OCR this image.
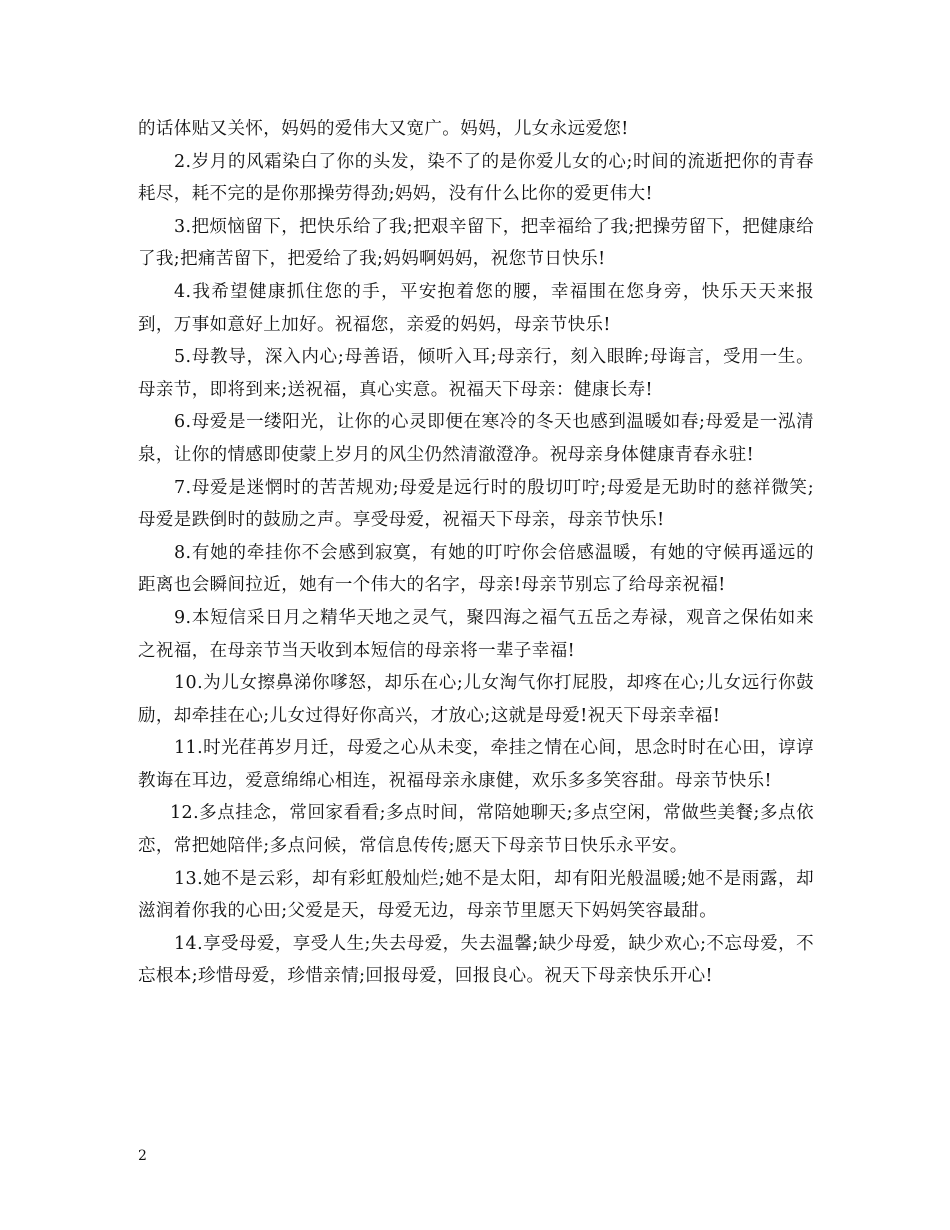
的话体贴又关怀，妈妈的爱伟大又宽广。妈妈，儿女永远爱您!

2.岁月的风霜染白了你的头发，染不了的是你爱儿女的心;时间的流逝把你的青春耗尽，耗不完的是你那操劳得劲;妈妈，没有什么比你的爱更伟大!

3.把烦恼留下，把快乐给了我;把艰辛留下，把幸福给了我;把操劳留下，把健康给了我;把痛苦留下，把爱给了我;妈妈啊妈妈，祝您节日快乐!

4.我希望健康抓住您的手，平安抱着您的腰，幸福围在您身旁，快乐天天来报到，万事如意好上加好。祝福您，亲爱的妈妈，母亲节快乐!

5.母教导，深入内心;母善语，倾听入耳;母亲行，刻入眼眸;母诲言，受用一生。母亲节，即将到来;送祝福，真心实意。祝福天下母亲：健康长寿!

6.母爱是一缕阳光，让你的心灵即便在寒冷的冬天也感到温暖如春;母爱是一泓清泉，让你的情感即使蒙上岁月的风尘仍然清澈澄净。祝母亲身体健康青春永驻!

7.母爱是迷惘时的苦苦规劝;母爱是远行时的殷切叮咛;母爱是无助时的慈祥微笑;母爱是跌倒时的鼓励之声。享受母爱，祝福天下母亲，母亲节快乐!

8.有她的牵挂你不会感到寂寞，有她的叮咛你会倍感温暖，有她的守候再遥远的距离也会瞬间拉近，她有一个伟大的名字，母亲!母亲节别忘了给母亲祝福!

9.本短信采日月之精华天地之灵气，聚四海之福气五岳之寿禄，观音之保佑如来之祝福，在母亲节当天收到本短信的母亲将一辈子幸福!

10.为儿女擦鼻涕你嗲怒，却乐在心;儿女淘气你打屁股，却疼在心;儿女远行你鼓励，却牵挂在心;儿女过得好你高兴，才放心;这就是母爱!祝天下母亲幸福!

11.时光荏苒岁月迁，母爱之心从未变，牵挂之情在心间，思念时时在心田，谆谆教诲在耳边，爱意绵绵心相连，祝福母亲永康健，欢乐多多笑容甜。母亲节快乐!

12.多点挂念，常回家看看;多点时间，常陪她聊天;多点空闲，常做些美餐;多点依恋，常把她陪伴;多点问候，常信息传传;愿天下母亲节日快乐永平安。

13.她不是云彩，却有彩虹般灿烂;她不是太阳，却有阳光般温暖;她不是雨露，却滋润着你我的心田;父爱是天，母爱无边，母亲节里愿天下妈妈笑容最甜。

14.享受母爱，享受人生;失去母爱，失去温馨;缺少母爱，缺少欢心;不忘母爱，不忘根本;珍惜母爱，珍惜亲情;回报母爱，回报良心。祝天下母亲快乐开心!

2
